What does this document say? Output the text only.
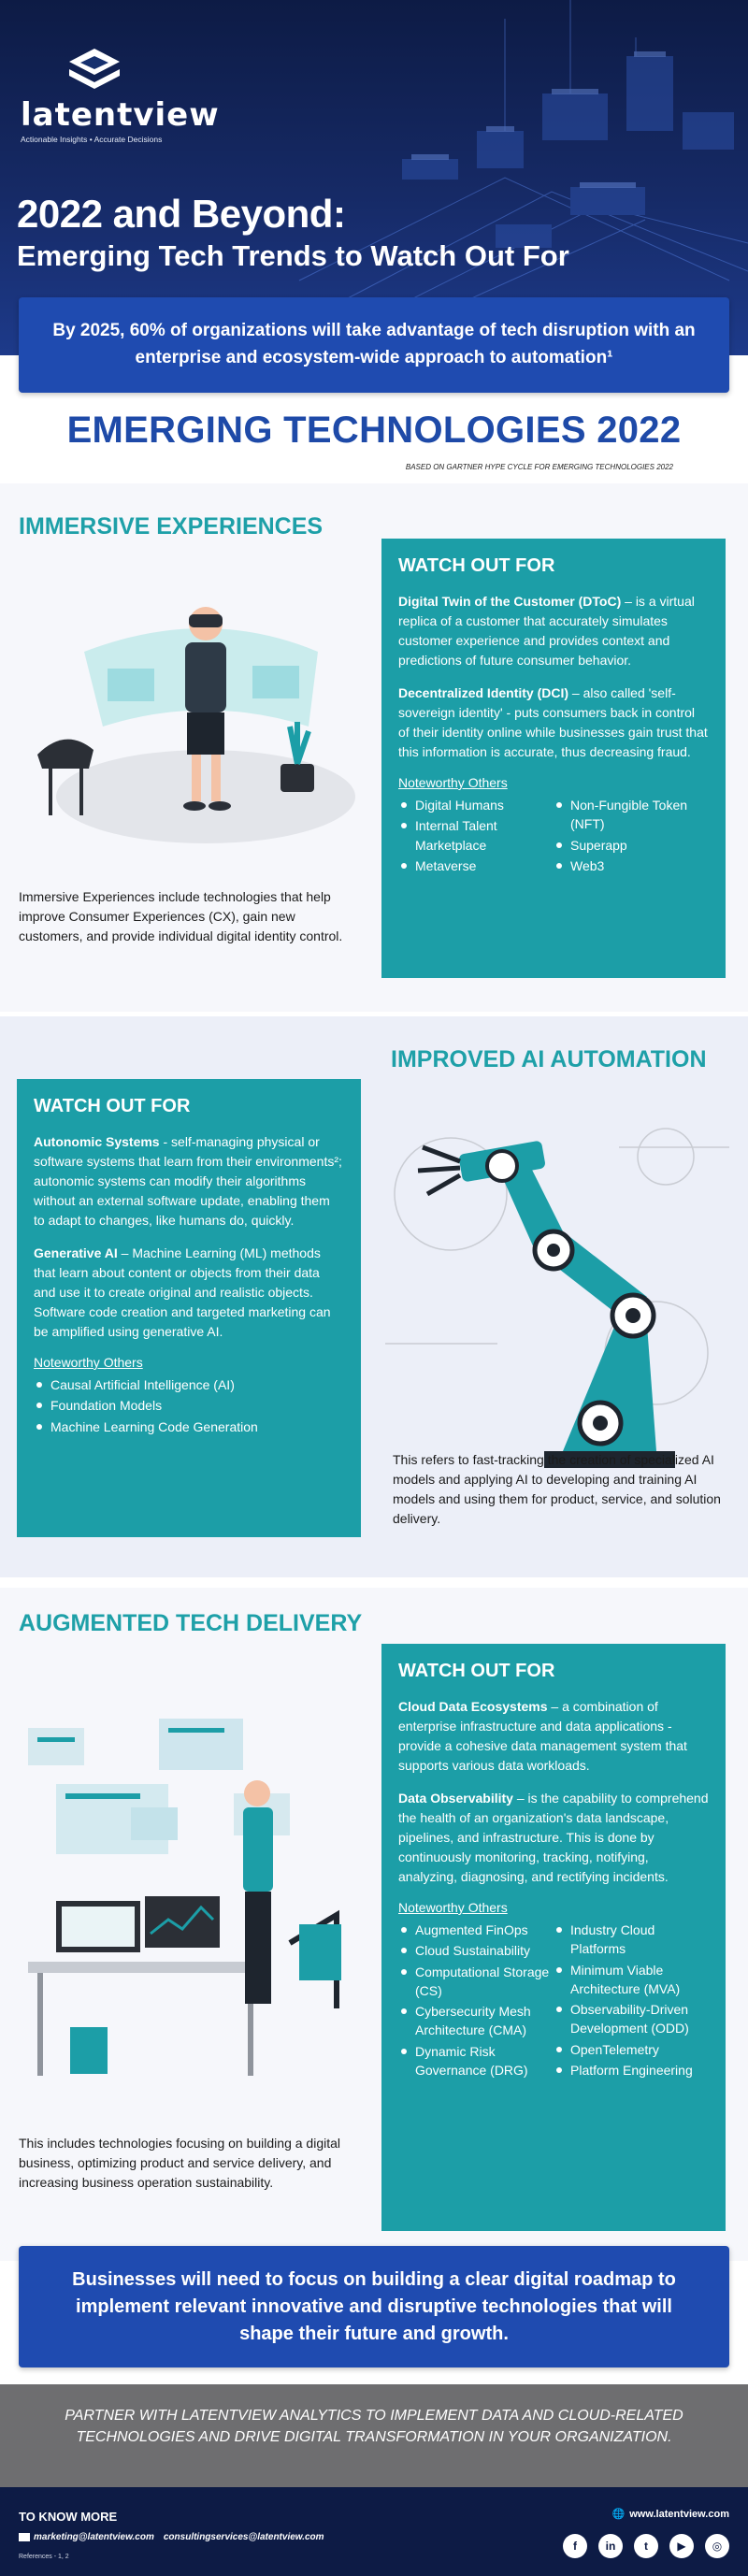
latentview
Actionable Insights • Accurate Decisions
2022 and Beyond:
Emerging Tech Trends to Watch Out For
By 2025, 60% of organizations will take advantage of tech disruption with an enterprise and ecosystem-wide approach to automation¹
EMERGING TECHNOLOGIES 2022
BASED ON GARTNER HYPE CYCLE FOR EMERGING TECHNOLOGIES 2022
IMMERSIVE EXPERIENCES
Immersive Experiences include technologies that help improve Consumer Experiences (CX), gain new customers, and provide individual digital identity control.
WATCH OUT FOR

Digital Twin of the Customer (DToC) – is a virtual replica of a customer that accurately simulates customer experience and provides context and predictions of future consumer behavior.

Decentralized Identity (DCI) – also called 'self-sovereign identity' - puts consumers back in control of their identity online while businesses gain trust that this information is accurate, thus decreasing fraud.

Noteworthy Others
Digital Humans
Internal Talent Marketplace
Metaverse
Non-Fungible Token (NFT)
Superapp
Web3
IMPROVED AI AUTOMATION
WATCH OUT FOR

Autonomic Systems - self-managing physical or software systems that learn from their environments²; autonomic systems can modify their algorithms without an external software update, enabling them to adapt to changes, like humans do, quickly.

Generative AI – Machine Learning (ML) methods that learn about content or objects from their data and use it to create original and realistic objects. Software code creation and targeted marketing can be amplified using generative AI.

Noteworthy Others
Causal Artificial Intelligence (AI)
Foundation Models
Machine Learning Code Generation
This refers to fast-tracking the creation of specialized AI models and applying AI to developing and training AI models and using them for product, service, and solution delivery.
AUGMENTED TECH DELIVERY
This includes technologies focusing on building a digital business, optimizing product and service delivery, and increasing business operation sustainability.
WATCH OUT FOR

Cloud Data Ecosystems – a combination of enterprise infrastructure and data applications - provide a cohesive data management system that supports various data workloads.

Data Observability – is the capability to comprehend the health of an organization's data landscape, pipelines, and infrastructure. This is done by continuously monitoring, tracking, notifying, analyzing, diagnosing, and rectifying incidents.

Noteworthy Others
Augmented FinOps
Cloud Sustainability
Computational Storage (CS)
Cybersecurity Mesh Architecture (CMA)
Dynamic Risk Governance (DRG)
Industry Cloud Platforms
Minimum Viable Architecture (MVA)
Observability-Driven Development (ODD)
OpenTelemetry
Platform Engineering
Businesses will need to focus on building a clear digital roadmap to implement relevant innovative and disruptive technologies that will shape their future and growth.
PARTNER WITH LATENTVIEW ANALYTICS TO IMPLEMENT DATA AND CLOUD-RELATED TECHNOLOGIES AND DRIVE DIGITAL TRANSFORMATION IN YOUR ORGANIZATION.
TO KNOW MORE
marketing@latentview.com consultingservices@latentview.com
References - 1, 2
🌐 www.latentview.com
f	in	t	▶	◎
